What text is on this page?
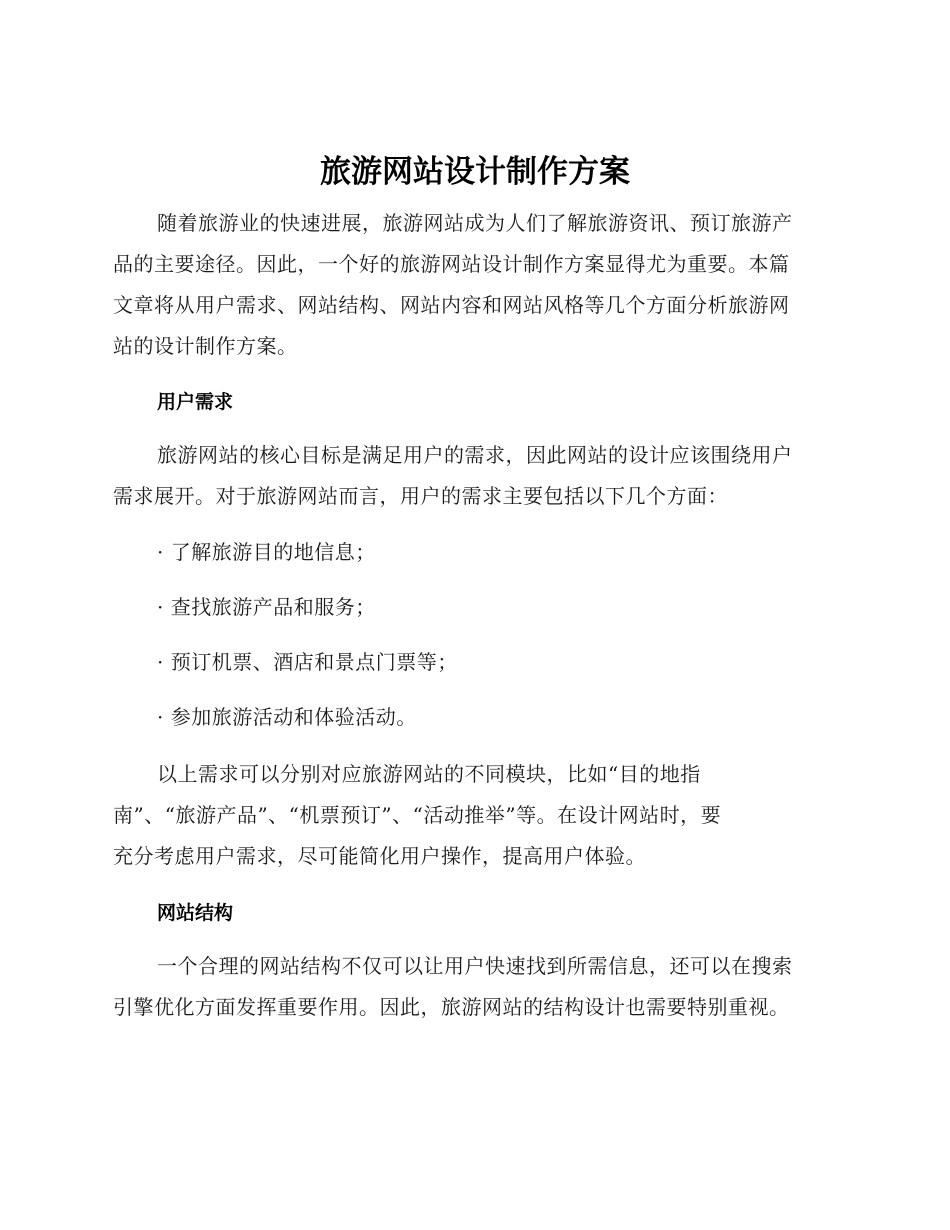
旅游网站设计制作方案
随着旅游业的快速进展，旅游网站成为人们了解旅游资讯、预订旅游产
品的主要途径。因此，一个好的旅游网站设计制作方案显得尤为重要。本篇
文章将从用户需求、网站结构、网站内容和网站风格等几个方面分析旅游网
站的设计制作方案。
用户需求
旅游网站的核心目标是满足用户的需求，因此网站的设计应该围绕用户
需求展开。对于旅游网站而言，用户的需求主要包括以下几个方面：

· 了解旅游目的地信息；

· 查找旅游产品和服务；

· 预订机票、酒店和景点门票等；

· 参加旅游活动和体验活动。

以上需求可以分别对应旅游网站的不同模块，比如“目的地指
南”、“旅游产品”、“机票预订”、“活动推举”等。在设计网站时，要
充分考虑用户需求，尽可能简化用户操作，提高用户体验。
网站结构
一个合理的网站结构不仅可以让用户快速找到所需信息，还可以在搜索
引擎优化方面发挥重要作用。因此，旅游网站的结构设计也需要特别重视。
